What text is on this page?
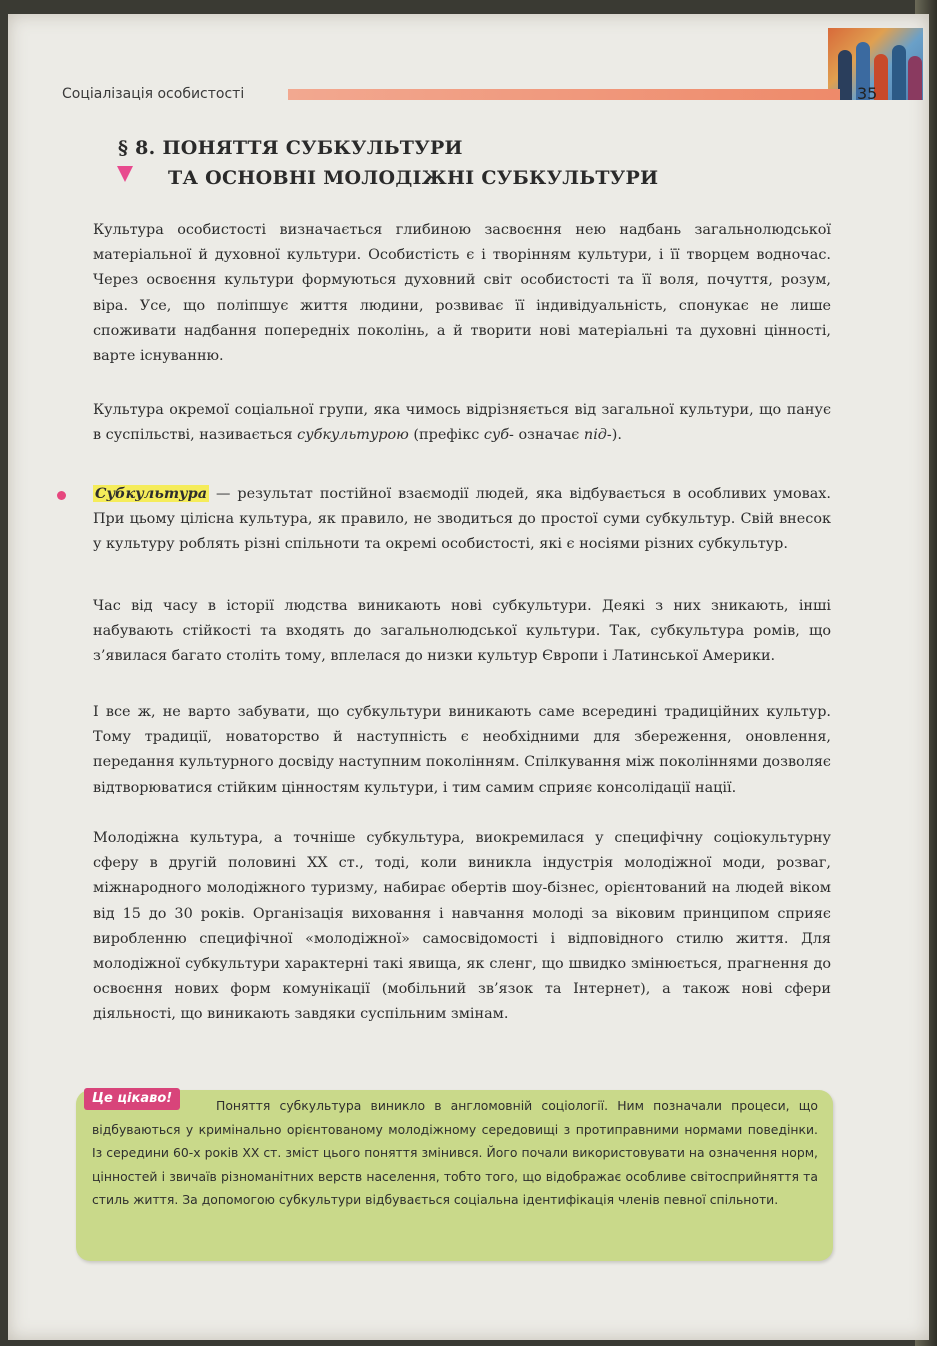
Соціалізація особистості	35
§ 8. ПОНЯТТЯ СУБКУЛЬТУРИ
ТА ОСНОВНІ МОЛОДІЖНІ СУБКУЛЬТУРИ
Культура особистості визначається глибиною засвоєння нею надбань загальнолюдської матеріальної й духовної культури. Особистість є і творінням культури, і її творцем водночас. Через освоєння культури формуються духовний світ особистості та її воля, почуття, розум, віра. Усе, що поліпшує життя людини, розвиває її індивідуальність, спонукає не лише споживати надбання попередніх поколінь, а й творити нові матеріальні та духовні цінності, варте існуванню.
Культура окремої соціальної групи, яка чимось відрізняється від загальної культури, що панує в суспільстві, називається субкультурою (префікс суб- означає під-).
Субкультура — результат постійної взаємодії людей, яка відбувається в особливих умовах. При цьому цілісна культура, як правило, не зводиться до простої суми субкультур. Свій внесок у культуру роблять різні спільноти та окремі особистості, які є носіями різних субкультур.
Час від часу в історії людства виникають нові субкультури. Деякі з них зникають, інші набувають стійкості та входять до загальнолюдської культури. Так, субкультура ромів, що з’явилася багато століть тому, вплелася до низки культур Європи і Латинської Америки.
І все ж, не варто забувати, що субкультури виникають саме всередині традиційних культур. Тому традиції, новаторство й наступність є необхідними для збереження, оновлення, передання культурного досвіду наступним поколінням. Спілкування між поколіннями дозволяє відтворюватися стійким цінностям культури, і тим самим сприяє консолідації нації.
Молодіжна культура, а точніше субкультура, виокремилася у специфічну соціокультурну сферу в другій половині XX ст., тоді, коли виникла індустрія молодіжної моди, розваг, міжнародного молодіжного туризму, набирає обертів шоу-бізнес, орієнтований на людей віком від 15 до 30 років. Організація виховання і навчання молоді за віковим принципом сприяє виробленню специфічної «молодіжної» самосвідомості і відповідного стилю життя. Для молодіжної субкультури характерні такі явища, як сленг, що швидко змінюється, прагнення до освоєння нових форм комунікації (мобільний зв’язок та Інтернет), а також нові сфери діяльності, що виникають завдяки суспільним змінам.
Поняття субкультура виникло в англомовній соціології. Ним позначали процеси, що відбуваються у кримінально орієнтованому молодіжному середовищі з протиправними нормами поведінки. Із середини 60-х років XX ст. зміст цього поняття змінився. Його почали використовувати на означення норм, цінностей і звичаїв різноманітних верств населення, тобто того, що відображає особливе світосприйняття та стиль життя. За допомогою субкультури відбувається соціальна ідентифікація членів певної спільноти.
Це цікаво!
